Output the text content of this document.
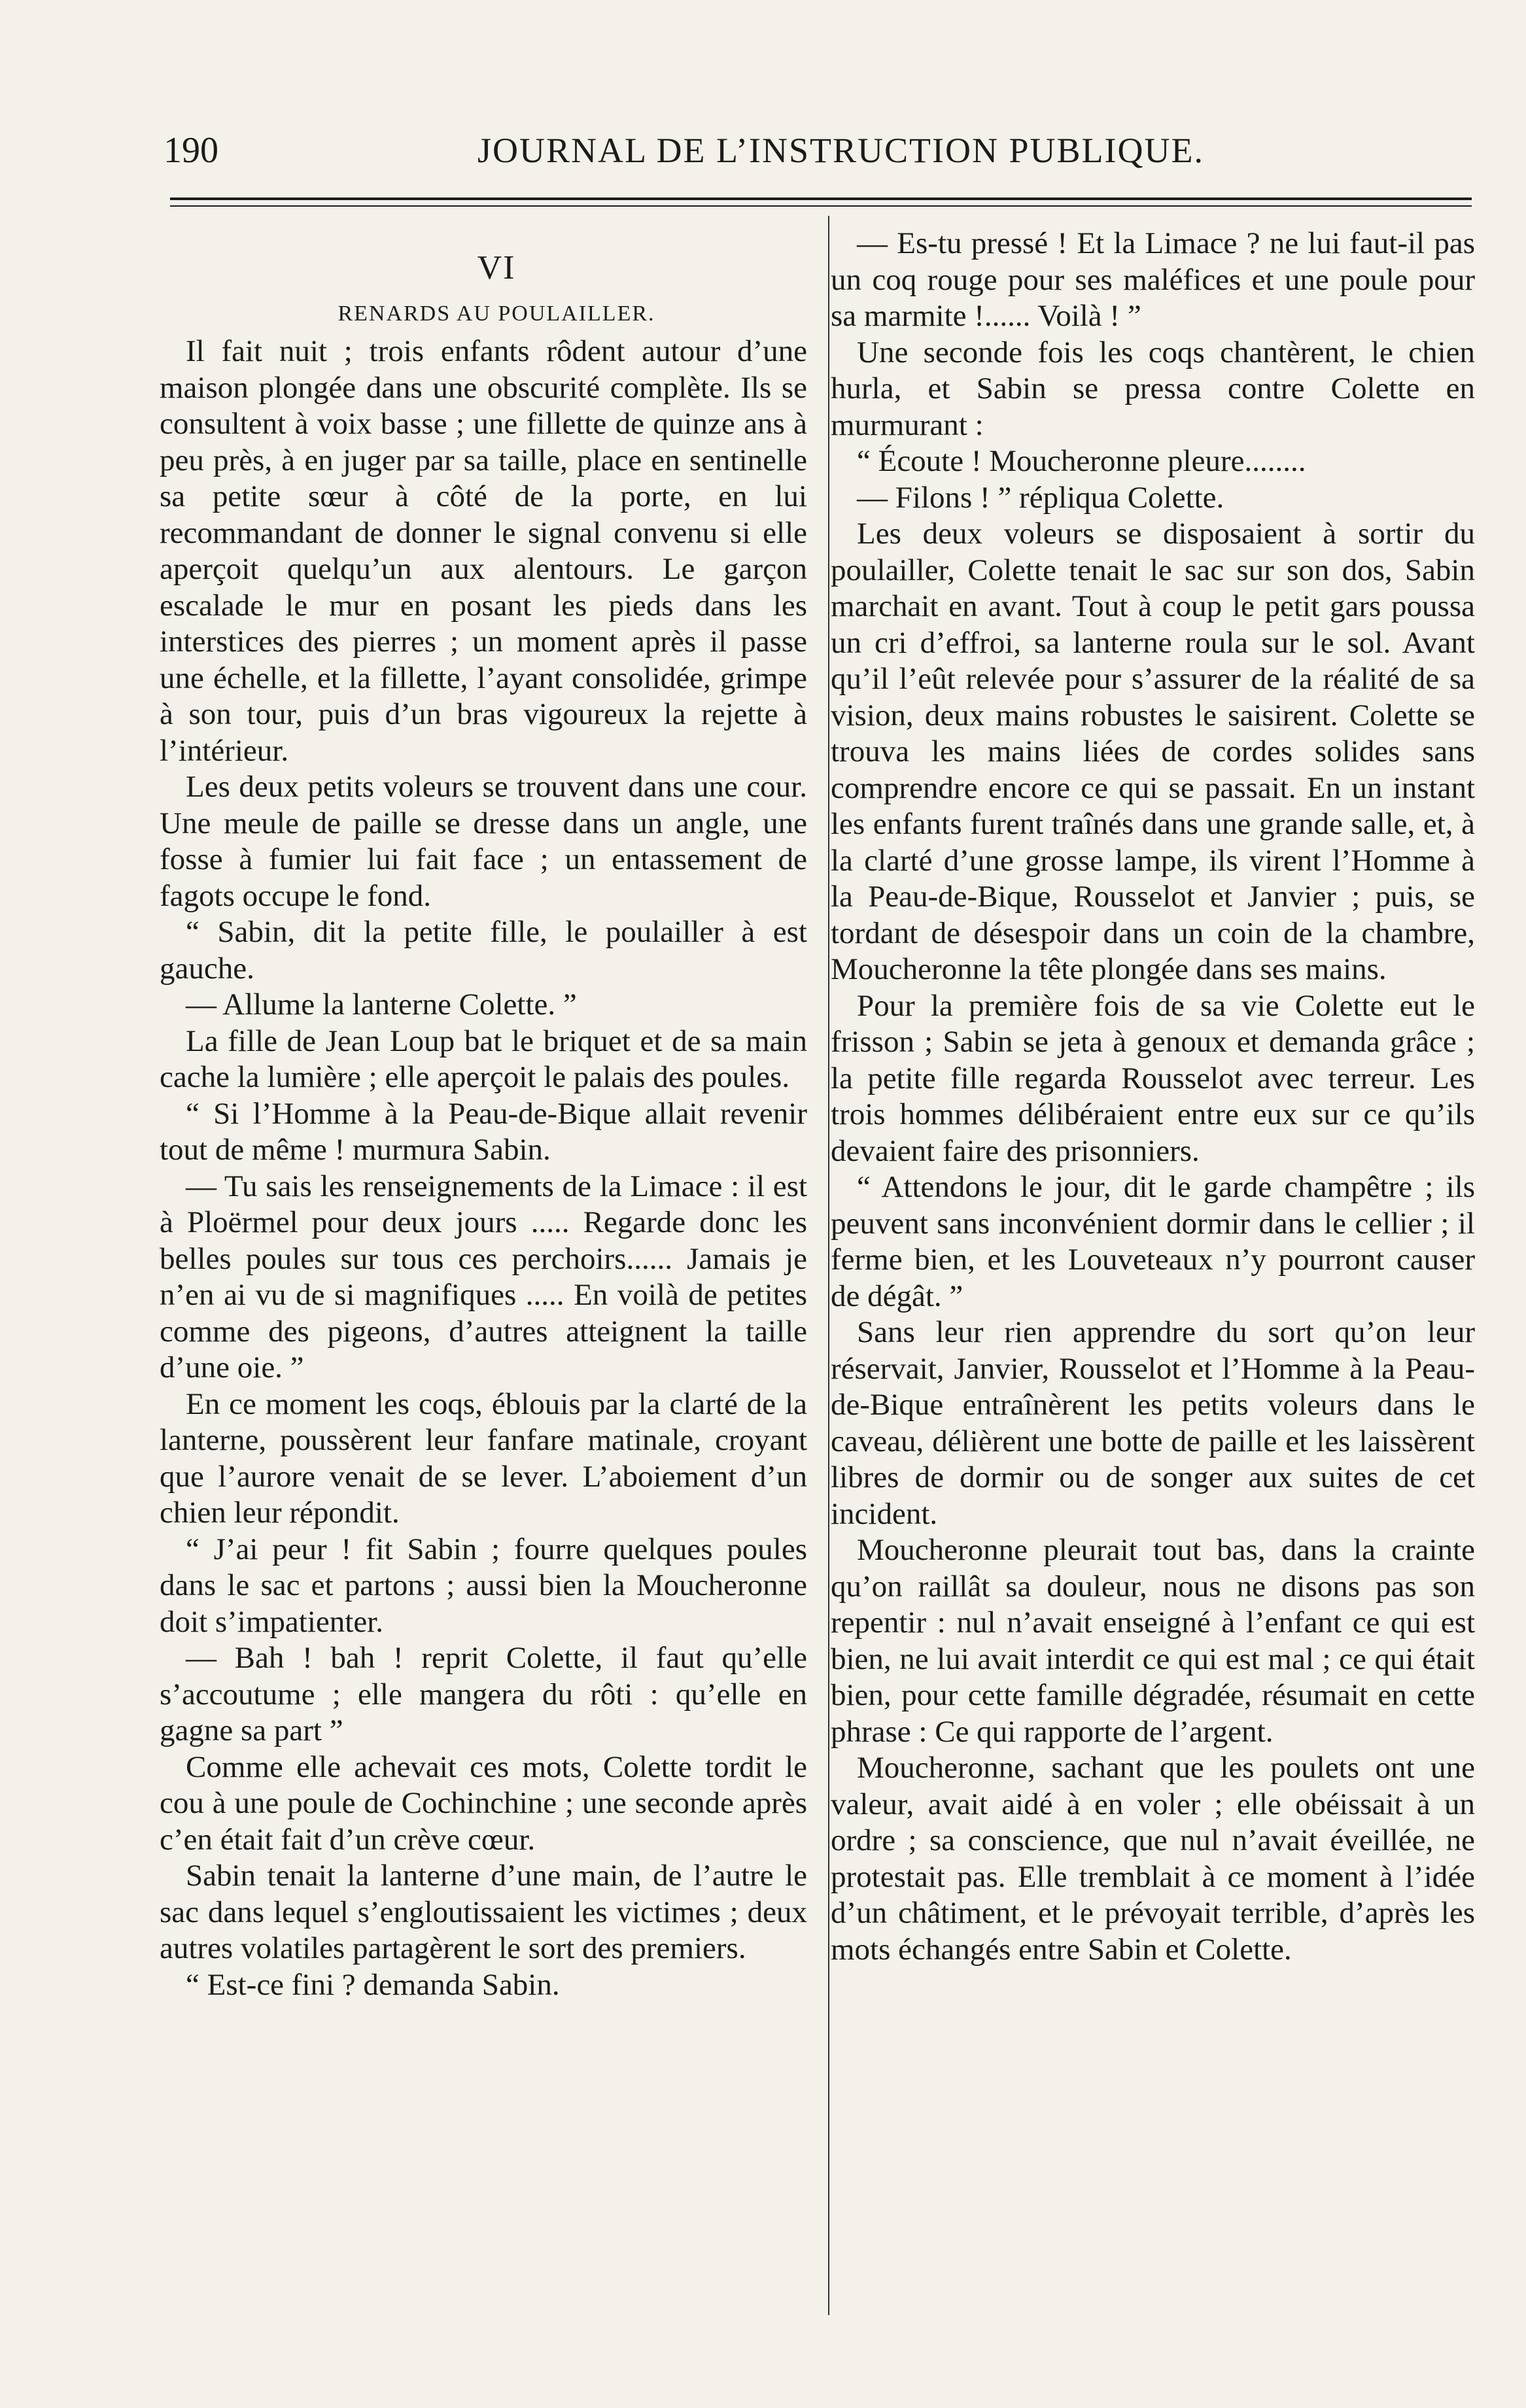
190	JOURNAL DE L’INSTRUCTION PUBLIQUE.

VI

RENARDS AU POULAILLER.

Il fait nuit ; trois enfants rôdent autour d’une maison plongée dans une obscurité complète. Ils se consultent à voix basse ; une fillette de quinze ans à peu près, à en juger par sa taille, place en sentinelle sa petite sœur à côté de la porte, en lui recommandant de donner le signal convenu si elle aperçoit quelqu’un aux alentours. Le garçon escalade le mur en posant les pieds dans les interstices des pierres ; un moment après il passe une échelle, et la fillette, l’ayant consolidée, grimpe à son tour, puis d’un bras vigoureux la rejette à l’intérieur.

Les deux petits voleurs se trouvent dans une cour. Une meule de paille se dresse dans un angle, une fosse à fumier lui fait face ; un entassement de fagots occupe le fond.

“ Sabin, dit la petite fille, le poulailler à est gauche.

— Allume la lanterne Colette. ”

La fille de Jean Loup bat le briquet et de sa main cache la lumière ; elle aperçoit le palais des poules.

“ Si l’Homme à la Peau-de-Bique allait revenir tout de même ! murmura Sabin.

— Tu sais les renseignements de la Limace : il est à Ploërmel pour deux jours ..... Regarde donc les belles poules sur tous ces perchoirs...... Jamais je n’en ai vu de si magnifiques ..... En voilà de petites comme des pigeons, d’autres atteignent la taille d’une oie. ”

En ce moment les coqs, éblouis par la clarté de la lanterne, poussèrent leur fanfare matinale, croyant que l’aurore venait de se lever. L’aboiement d’un chien leur répondit.

“ J’ai peur ! fit Sabin ; fourre quelques poules dans le sac et partons ; aussi bien la Moucheronne doit s’impatienter.

— Bah ! bah ! reprit Colette, il faut qu’elle s’accoutume ; elle mangera du rôti : qu’elle en gagne sa part ”

Comme elle achevait ces mots, Colette tordit le cou à une poule de Cochinchine ; une seconde après c’en était fait d’un crève cœur.

Sabin tenait la lanterne d’une main, de l’autre le sac dans lequel s’engloutissaient les victimes ; deux autres volatiles partagèrent le sort des premiers.

“ Est-ce fini ? demanda Sabin.

— Es-tu pressé ! Et la Limace ? ne lui faut-il pas un coq rouge pour ses maléfices et une poule pour sa marmite !...... Voilà ! ”

Une seconde fois les coqs chantèrent, le chien hurla, et Sabin se pressa contre Colette en murmurant :

“ Écoute ! Moucheronne pleure........

— Filons ! ” répliqua Colette.

Les deux voleurs se disposaient à sortir du poulailler, Colette tenait le sac sur son dos, Sabin marchait en avant. Tout à coup le petit gars poussa un cri d’effroi, sa lanterne roula sur le sol. Avant qu’il l’eût relevée pour s’assurer de la réalité de sa vision, deux mains robustes le saisirent. Colette se trouva les mains liées de cordes solides sans comprendre encore ce qui se passait. En un instant les enfants furent traînés dans une grande salle, et, à la clarté d’une grosse lampe, ils virent l’Homme à la Peau-de-Bique, Rousselot et Janvier ; puis, se tordant de désespoir dans un coin de la chambre, Moucheronne la tête plongée dans ses mains.

Pour la première fois de sa vie Colette eut le frisson ; Sabin se jeta à genoux et demanda grâce ; la petite fille regarda Rousselot avec terreur. Les trois hommes délibéraient entre eux sur ce qu’ils devaient faire des prisonniers.

“ Attendons le jour, dit le garde champêtre ; ils peuvent sans inconvénient dormir dans le cellier ; il ferme bien, et les Louveteaux n’y pourront causer de dégât. ”

Sans leur rien apprendre du sort qu’on leur réservait, Janvier, Rousselot et l’Homme à la Peau-de-Bique entraînèrent les petits voleurs dans le caveau, délièrent une botte de paille et les laissèrent libres de dormir ou de songer aux suites de cet incident.

Moucheronne pleurait tout bas, dans la crainte qu’on raillât sa douleur, nous ne disons pas son repentir : nul n’avait enseigné à l’enfant ce qui est bien, ne lui avait interdit ce qui est mal ; ce qui était bien, pour cette famille dégradée, résumait en cette phrase : Ce qui rapporte de l’argent.

Moucheronne, sachant que les poulets ont une valeur, avait aidé à en voler ; elle obéissait à un ordre ; sa conscience, que nul n’avait éveillée, ne protestait pas. Elle tremblait à ce moment à l’idée d’un châtiment, et le prévoyait terrible, d’après les mots échangés entre Sabin et Colette.
